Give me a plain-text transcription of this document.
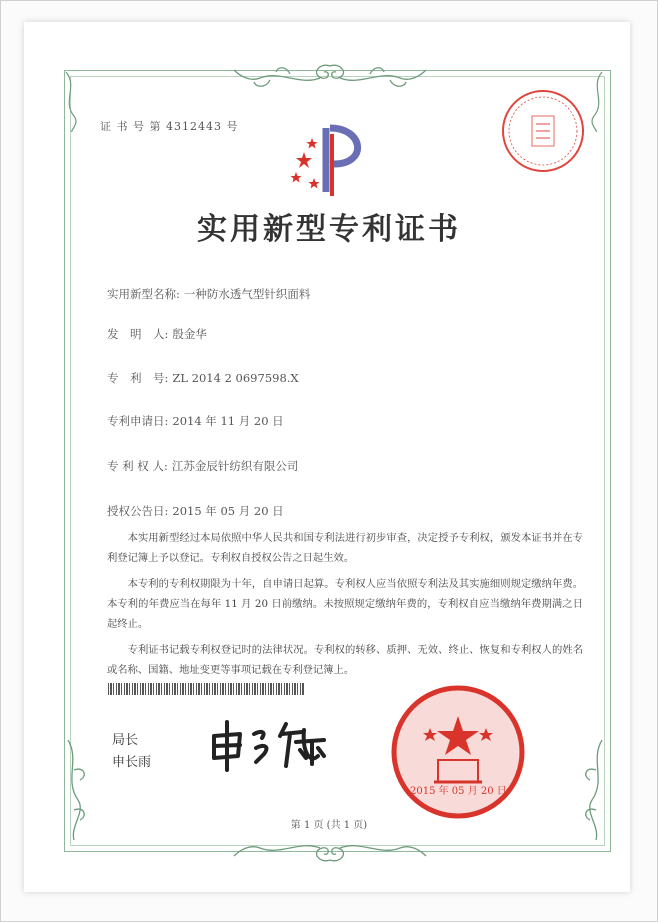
证 书 号 第 4312443 号
实用新型专利证书
实用新型名称: 一种防水透气型针织面料
发　明　人: 殷金华
专　利　号: ZL 2014 2 0697598.X
专利申请日: 2014 年 11 月 20 日
专 利 权 人: 江苏金辰针纺织有限公司
授权公告日: 2015 年 05 月 20 日

本实用新型经过本局依照中华人民共和国专利法进行初步审查，决定授予专利权，颁发本证书并在专利登记簿上予以登记。专利权自授权公告之日起生效。

本专利的专利权期限为十年，自申请日起算。专利权人应当依照专利法及其实施细则规定缴纳年费。本专利的年费应当在每年 11 月 20 日前缴纳。未按照规定缴纳年费的，专利权自应当缴纳年费期满之日起终止。

专利证书记载专利权登记时的法律状况。专利权的转移、质押、无效、终止、恢复和专利权人的姓名或名称、国籍、地址变更等事项记载在专利登记簿上。

局长
申长雨
2015 年 05 月 20 日
第 1 页 (共 1 页)
